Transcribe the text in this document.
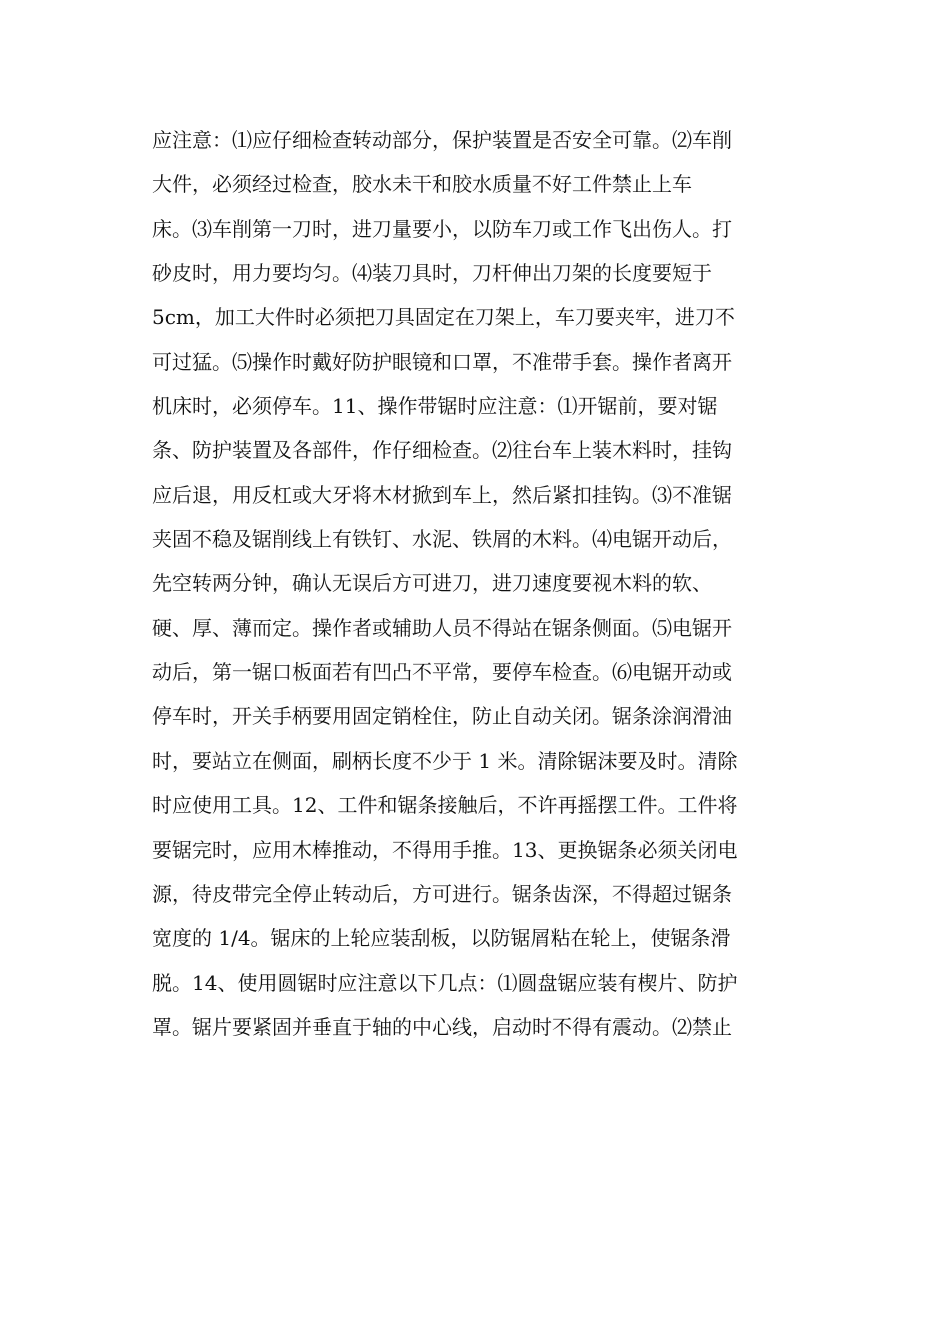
应注意：⑴应仔细检查转动部分，保护装置是否安全可靠。⑵车削
大件，必须经过检查，胶水未干和胶水质量不好工件禁止上车
床。⑶车削第一刀时，进刀量要小，以防车刀或工作飞出伤人。打
砂皮时，用力要均匀。⑷装刀具时，刀杆伸出刀架的长度要短于
5cm，加工大件时必须把刀具固定在刀架上，车刀要夹牢，进刀不
可过猛。⑸操作时戴好防护眼镜和口罩，不准带手套。操作者离开
机床时，必须停车。11、操作带锯时应注意：⑴开锯前，要对锯
条、防护装置及各部件，作仔细检查。⑵往台车上装木料时，挂钩
应后退，用反杠或大牙将木材掀到车上，然后紧扣挂钩。⑶不准锯
夹固不稳及锯削线上有铁钉、水泥、铁屑的木料。⑷电锯开动后，
先空转两分钟，确认无误后方可进刀，进刀速度要视木料的软、
硬、厚、薄而定。操作者或辅助人员不得站在锯条侧面。⑸电锯开
动后，第一锯口板面若有凹凸不平常，要停车检查。⑹电锯开动或
停车时，开关手柄要用固定销栓住，防止自动关闭。锯条涂润滑油
时，要站立在侧面，刷柄长度不少于 1 米。清除锯沫要及时。清除
时应使用工具。12、工件和锯条接触后，不许再摇摆工件。工件将
要锯完时，应用木棒推动，不得用手推。13、更换锯条必须关闭电
源，待皮带完全停止转动后，方可进行。锯条齿深，不得超过锯条
宽度的 1/4。锯床的上轮应装刮板，以防锯屑粘在轮上，使锯条滑
脱。14、使用圆锯时应注意以下几点：⑴圆盘锯应装有楔片、防护
罩。锯片要紧固并垂直于轴的中心线，启动时不得有震动。⑵禁止
